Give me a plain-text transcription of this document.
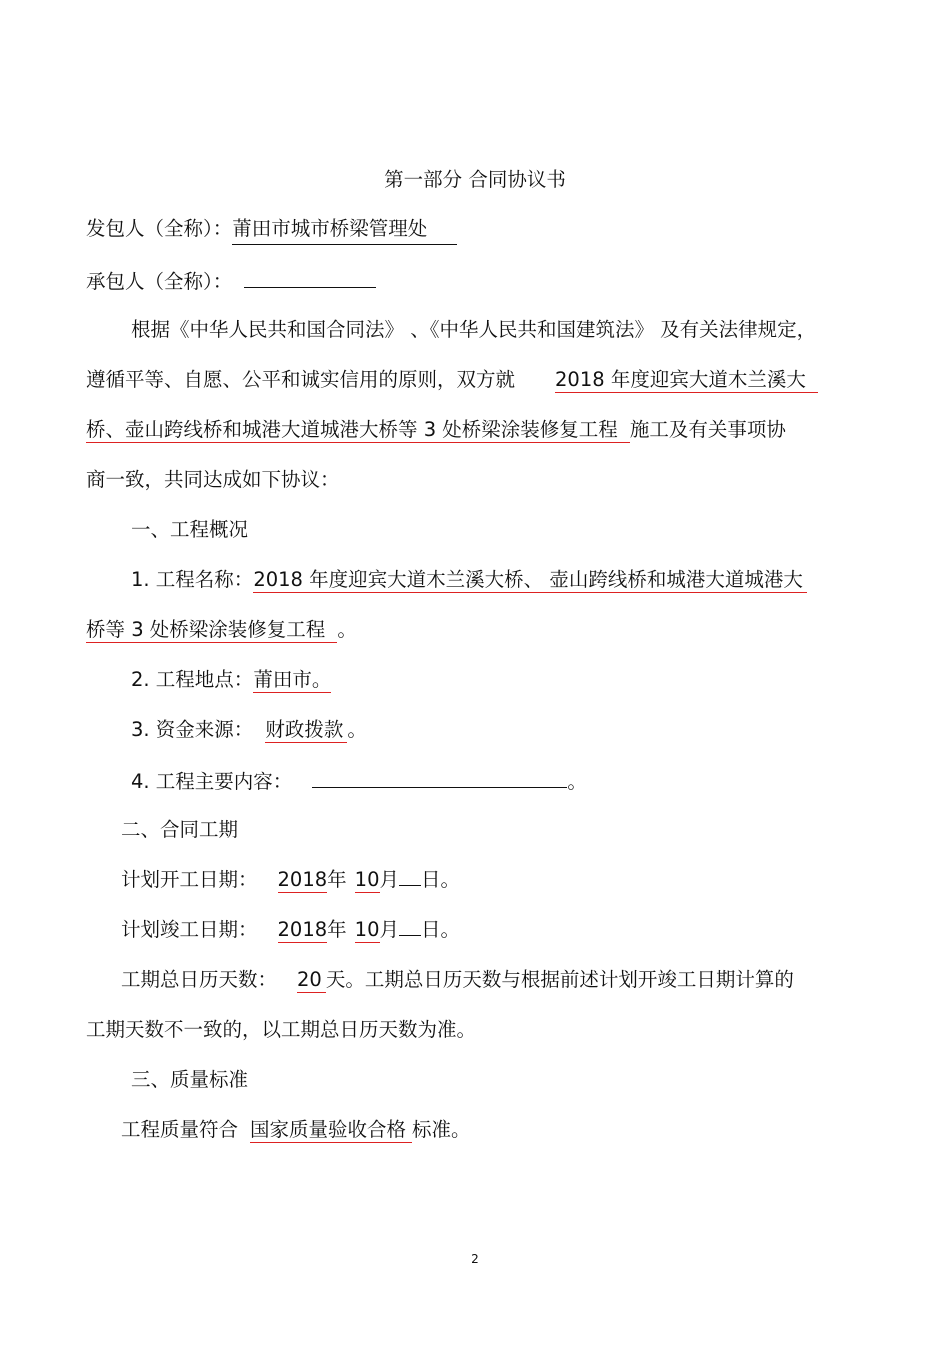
第一部分 合同协议书
发包人（全称）：莆田市城市桥梁管理处
承包人（全称）：
根据《中华人民共和国合同法》 、《中华人民共和国建筑法》 及有关法律规定，
遵循平等、自愿、公平和诚实信用的原则，双方就 2018 年度迎宾大道木兰溪大
桥、壶山跨线桥和城港大道城港大桥等 3 处桥梁涂装修复工程 施工及有关事项协
商一致，共同达成如下协议：
一、工程概况
1. 工程名称：2018 年度迎宾大道木兰溪大桥、 壶山跨线桥和城港大道城港大
桥等 3 处桥梁涂装修复工程 。
2. 工程地点：莆田市。
3. 资金来源： 财政拨款 。
4. 工程主要内容：	。
二、合同工期
计划开工日期： 2018年 10月 日。
计划竣工日期： 2018年 10月 日。
工期总日历天数： 20 天。工期总日历天数与根据前述计划开竣工日期计算的
工期天数不一致的，以工期总日历天数为准。
三、质量标准
工程质量符合 国家质量验收合格 标准。
2
